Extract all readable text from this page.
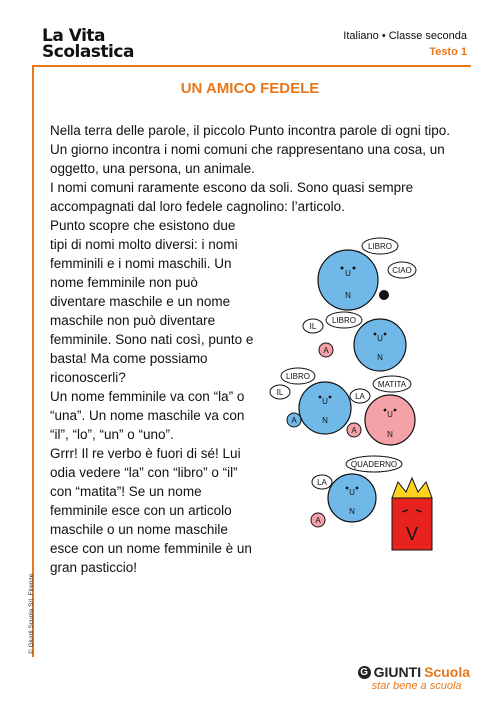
La Vita
Scolastica
Italiano • Classe seconda
Testo 1
UN AMICO FEDELE

Nella terra delle parole, il piccolo Punto incontra parole di ogni tipo. Un giorno incontra i nomi comuni che rappresentano una cosa, un oggetto, una persona, un animale.

I nomi comuni raramente escono da soli. Sono quasi sempre accompagnati dal loro fedele cagnolino: l’articolo.

Punto scopre che esistono due tipi di nomi molto diversi: i nomi femminili e i nomi maschili. Un nome femminile non può diventare maschile e un nome maschile non può diventare femminile. Sono nati così, punto e basta! Ma come possiamo riconoscerli?

Un nome femminile va con “la” o “una”. Un nome maschile va con “il”, “lo”, “un” o “uno”.

Grrr! Il re verbo è fuori di sé! Lui odia vedere “la” con “libro” o “il” con “matita”! Se un nome femminile esce con un articolo maschile o un nome maschile esce con un nome femminile è un gran pasticcio!

U
N
LIBRO
CIAO
U
N
LIBRO
IL
A
U
N
LIBRO
IL
A
U
N
MATITA
LA
A
U
N
QUADERNO
LA
A
V
© Giunti Scuola Srl, Firenze
G GIUNTI Scuola
star bene a scuola
